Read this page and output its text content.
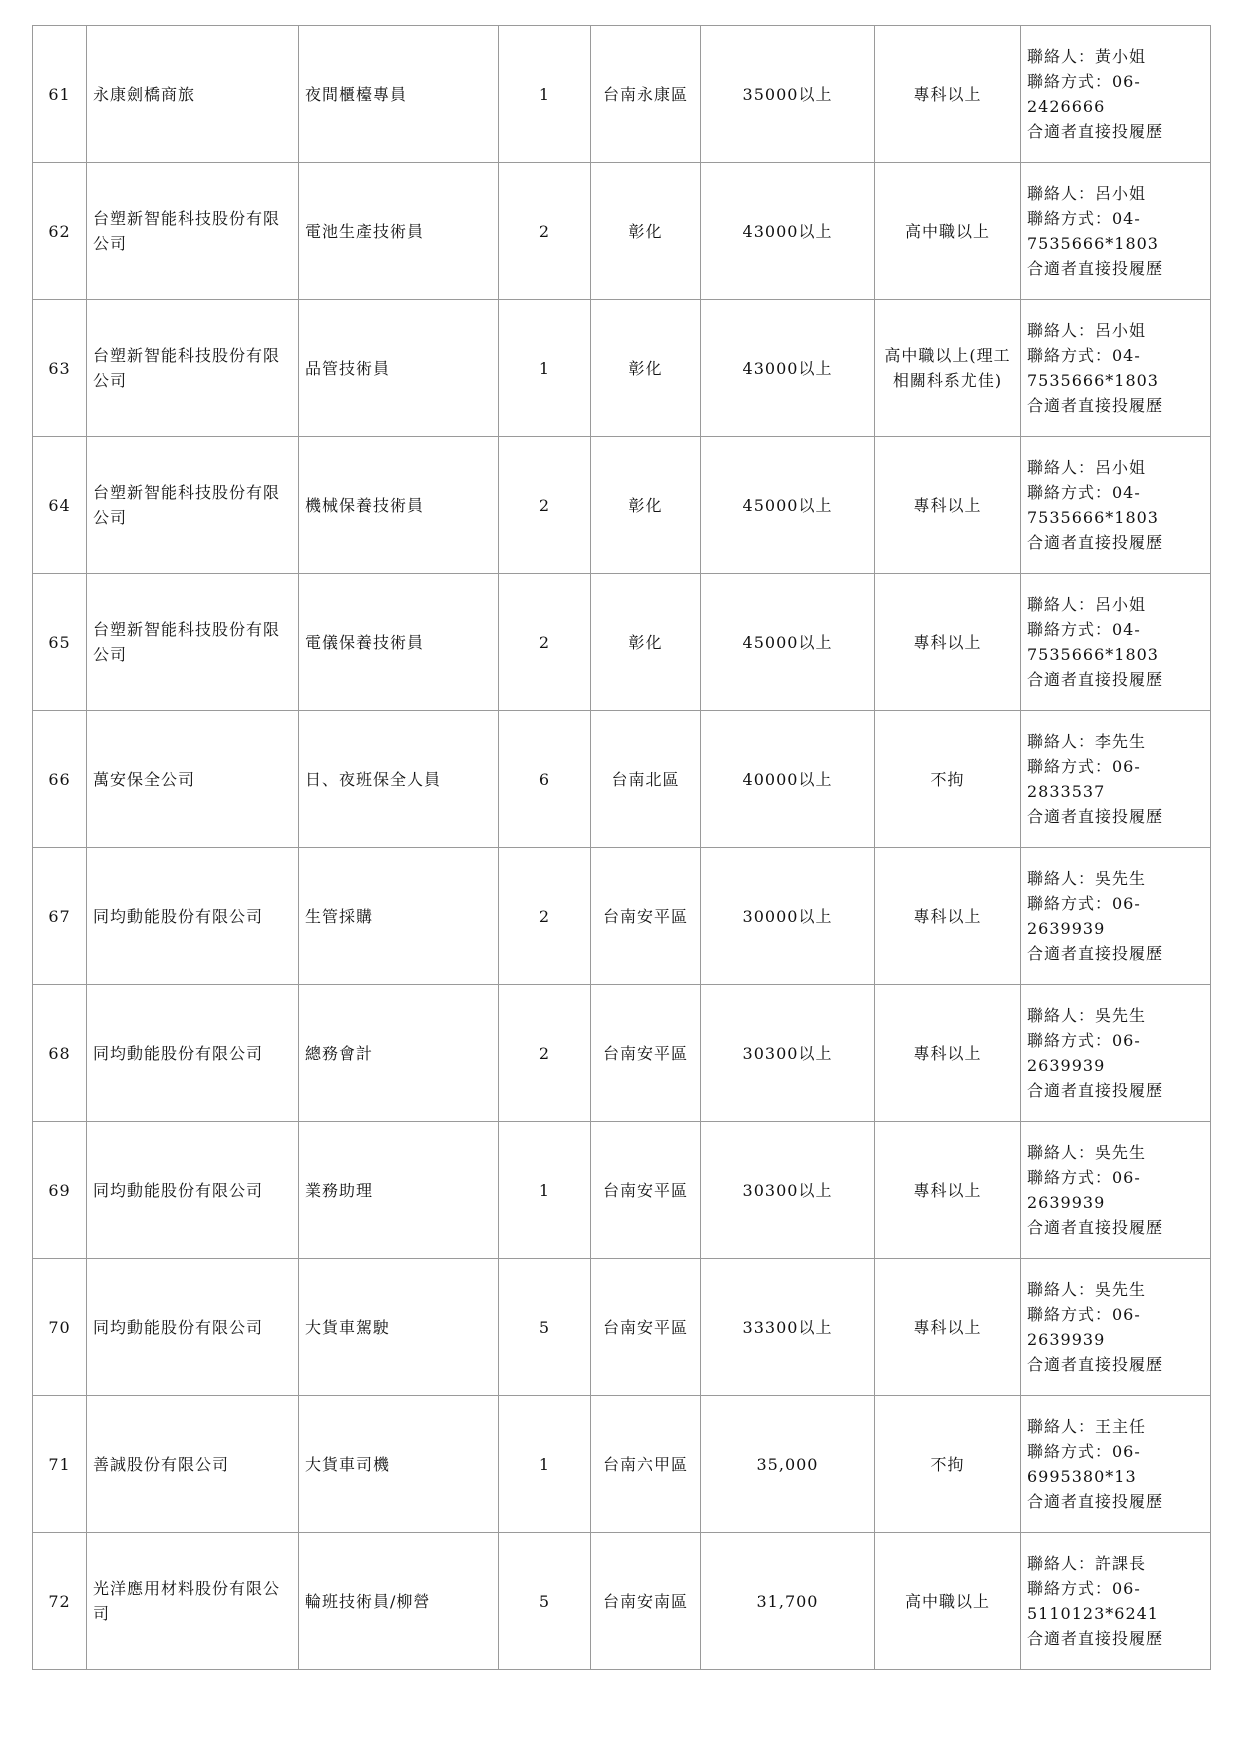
61	永康劍橋商旅	夜間櫃檯專員	1	台南永康區	35000以上	專科以上	聯絡人：黃小姐
聯絡方式：06-
2426666
合適者直接投履歷

62	台塑新智能科技股份有限公司	電池生產技術員	2	彰化	43000以上	高中職以上	聯絡人：呂小姐
聯絡方式：04-
7535666*1803
合適者直接投履歷

63	台塑新智能科技股份有限公司	品管技術員	1	彰化	43000以上	高中職以上(理工相關科系尤佳)	聯絡人：呂小姐
聯絡方式：04-
7535666*1803
合適者直接投履歷

64	台塑新智能科技股份有限公司	機械保養技術員	2	彰化	45000以上	專科以上	聯絡人：呂小姐
聯絡方式：04-
7535666*1803
合適者直接投履歷

65	台塑新智能科技股份有限公司	電儀保養技術員	2	彰化	45000以上	專科以上	聯絡人：呂小姐
聯絡方式：04-
7535666*1803
合適者直接投履歷

66	萬安保全公司	日、夜班保全人員	6	台南北區	40000以上	不拘	聯絡人：李先生
聯絡方式：06-
2833537
合適者直接投履歷

67	同均動能股份有限公司	生管採購	2	台南安平區	30000以上	專科以上	聯絡人：吳先生
聯絡方式：06-
2639939
合適者直接投履歷

68	同均動能股份有限公司	總務會計	2	台南安平區	30300以上	專科以上	聯絡人：吳先生
聯絡方式：06-
2639939
合適者直接投履歷

69	同均動能股份有限公司	業務助理	1	台南安平區	30300以上	專科以上	聯絡人：吳先生
聯絡方式：06-
2639939
合適者直接投履歷

70	同均動能股份有限公司	大貨車駕駛	5	台南安平區	33300以上	專科以上	聯絡人：吳先生
聯絡方式：06-
2639939
合適者直接投履歷

71	善誠股份有限公司	大貨車司機	1	台南六甲區	35,000	不拘	聯絡人：王主任
聯絡方式：06-
6995380*13
合適者直接投履歷

72	光洋應用材料股份有限公司	輪班技術員/柳營	5	台南安南區	31,700	高中職以上	聯絡人：許課長
聯絡方式：06-
5110123*6241
合適者直接投履歷
